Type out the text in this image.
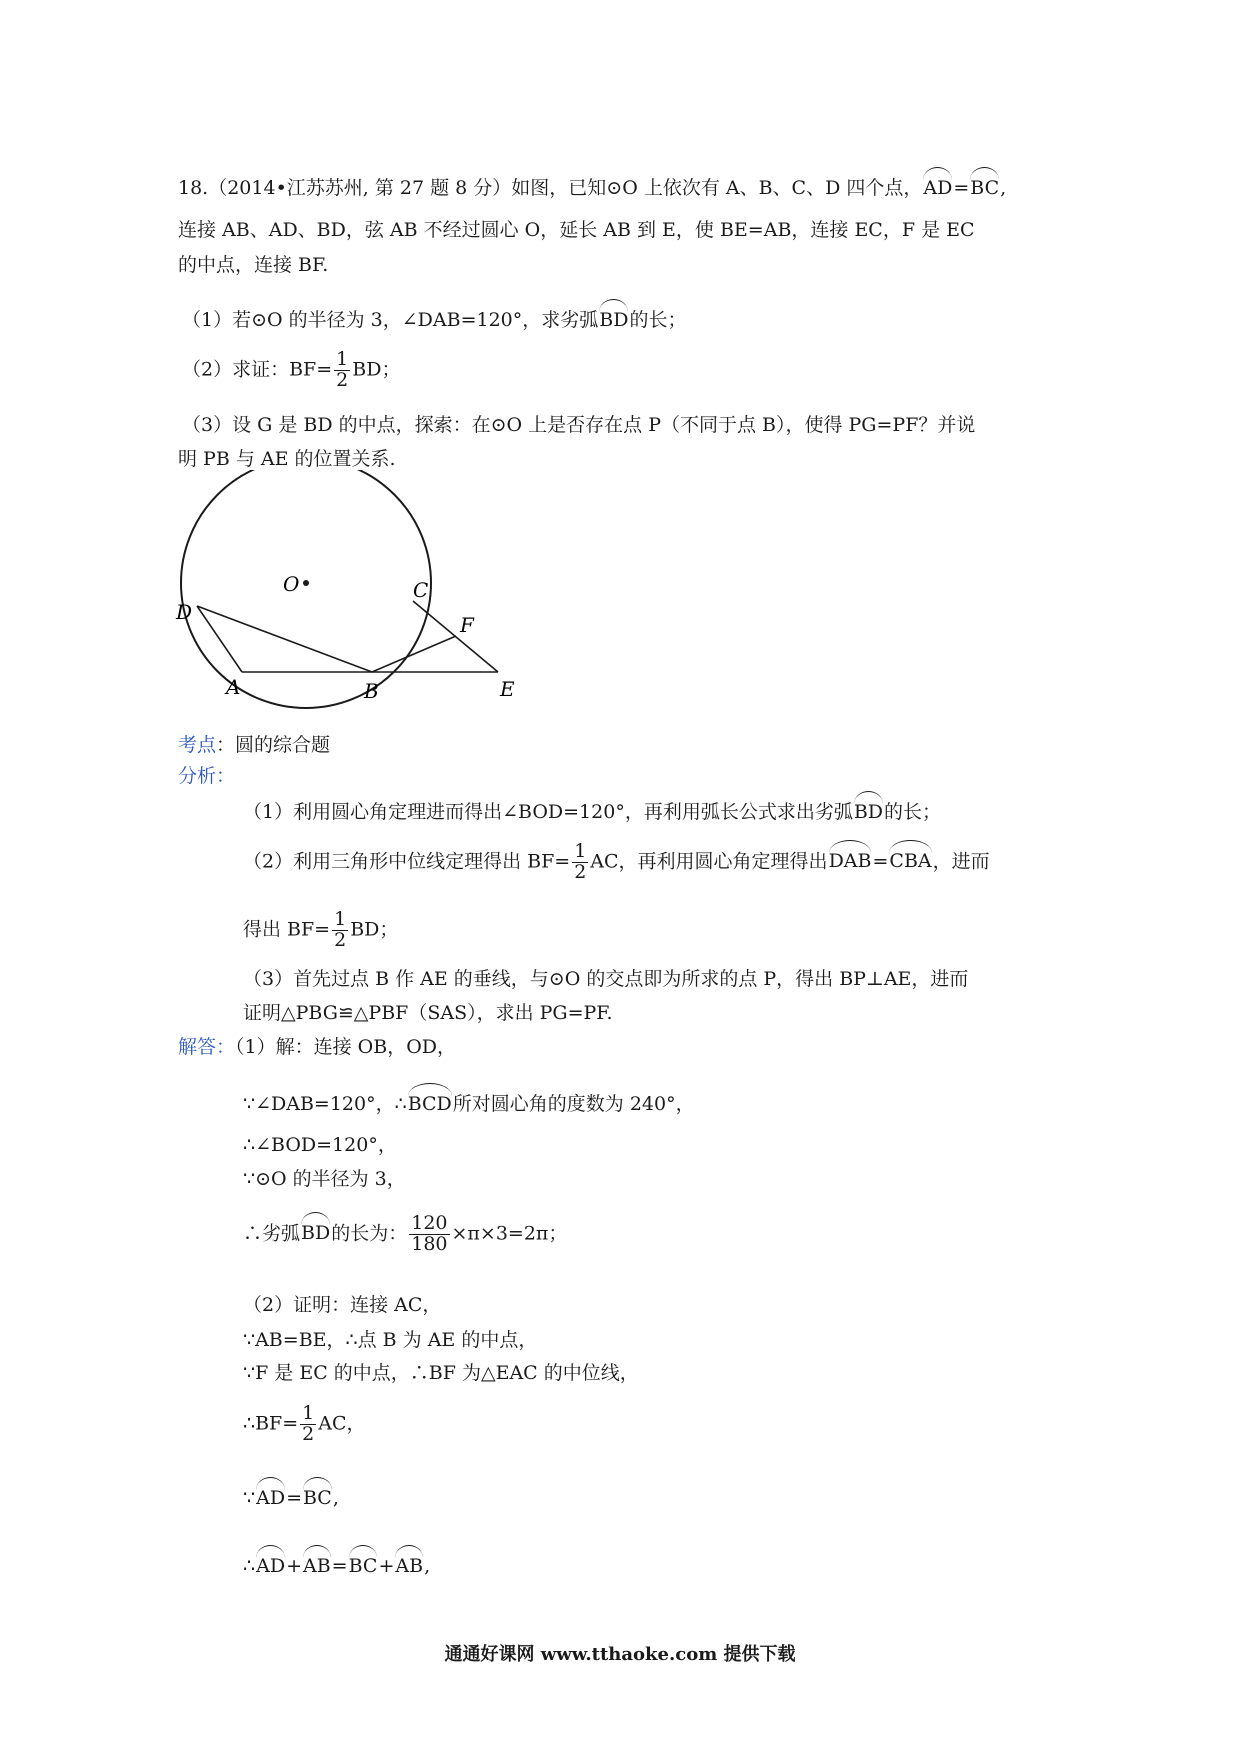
18.（2014•江苏苏州, 第 27 题 8 分）如图，已知⊙O 上依次有 A、B、C、D 四个点，AD=BC,
连接 AB、AD、BD，弦 AB 不经过圆心 O，延长 AB 到 E，使 BE=AB，连接 EC，F 是 EC
的中点，连接 BF.
（1）若⊙O 的半径为 3，∠DAB=120°，求劣弧BD的长；
（2）求证：$BF= \frac{1}{2}$ BD；
（3）设 G 是 BD 的中点，探索：在⊙O 上是否存在点 P（不同于点 B），使得 PG=PF？并说
明 PB 与 AE 的位置关系.
O
D
C
F
A	B	E
考点：圆的综合题
分析：
（1）利用圆心角定理进而得出∠BOD=120°，再利用弧长公式求出劣弧BD的长；
（2）利用三角形中位线定理得出 $BF= \frac{1}{2}$ AC，再利用圆心角定理得出DAB=CBA，进而
得出 $BF= \frac{1}{2}$ BD；
（3）首先过点 B 作 AE 的垂线，与⊙O 的交点即为所求的点 P，得出 BP⊥AE，进而
证明△PBG≌△PBF（SAS），求出 PG=PF.
解答：（1）解：连接 OB，OD，
∵∠DAB=120°，∴BCD所对圆心角的度数为 240°，
∴∠BOD=120°，
∵⊙O 的半径为 3，
∴劣弧BD的长为： $\frac{120}{180} \times\pi\times 3=2\pi$；
（2）证明：连接 AC，
∵AB=BE，∴点 B 为 AE 的中点，
∵F 是 EC 的中点，∴BF 为△EAC 的中位线，
∴BF= $\frac{1}{2}$ AC，
∵AD=BC,
∴AD+AB=BC+AB,
通通好课网 www.tthaoke.com 提供下载
